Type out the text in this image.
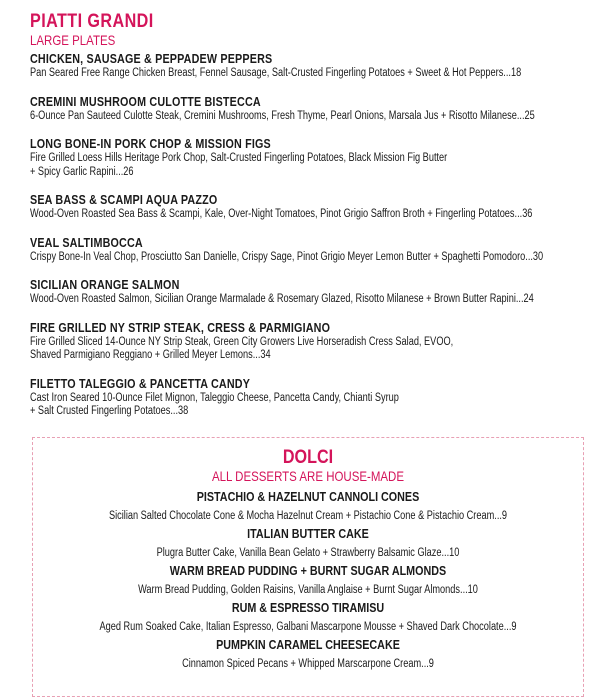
PIATTI GRANDI
LARGE PLATES
CHICKEN, SAUSAGE & PEPPADEW PEPPERS
Pan Seared Free Range Chicken Breast, Fennel Sausage, Salt-Crusted Fingerling Potatoes + Sweet & Hot Peppers...18
CREMINI MUSHROOM CULOTTE BISTECCA
6-Ounce Pan Sauteed Culotte Steak, Cremini Mushrooms, Fresh Thyme, Pearl Onions, Marsala Jus + Risotto Milanese...25
LONG BONE-IN PORK CHOP & MISSION FIGS
Fire Grilled Loess Hills Heritage Pork Chop, Salt-Crusted Fingerling Potatoes, Black Mission Fig Butter
+ Spicy Garlic Rapini...26
SEA BASS & SCAMPI AQUA PAZZO
Wood-Oven Roasted Sea Bass & Scampi, Kale, Over-Night Tomatoes, Pinot Grigio Saffron Broth + Fingerling Potatoes...36
VEAL SALTIMBOCCA
Crispy Bone-In Veal Chop, Prosciutto San Danielle, Crispy Sage, Pinot Grigio Meyer Lemon Butter + Spaghetti Pomodoro...30
SICILIAN ORANGE SALMON
Wood-Oven Roasted Salmon, Sicilian Orange Marmalade & Rosemary Glazed, Risotto Milanese + Brown Butter Rapini...24
FIRE GRILLED NY STRIP STEAK, CRESS & PARMIGIANO
Fire Grilled Sliced 14-Ounce NY Strip Steak, Green City Growers Live Horseradish Cress Salad, EVOO,
Shaved Parmigiano Reggiano + Grilled Meyer Lemons...34
FILETTO TALEGGIO & PANCETTA CANDY
Cast Iron Seared 10-Ounce Filet Mignon, Taleggio Cheese, Pancetta Candy, Chianti Syrup
+ Salt Crusted Fingerling Potatoes...38
DOLCI
ALL DESSERTS ARE HOUSE-MADE
PISTACHIO & HAZELNUT CANNOLI CONES
Sicilian Salted Chocolate Cone & Mocha Hazelnut Cream + Pistachio Cone & Pistachio Cream...9
ITALIAN BUTTER CAKE
Plugra Butter Cake, Vanilla Bean Gelato + Strawberry Balsamic Glaze...10
WARM BREAD PUDDING + BURNT SUGAR ALMONDS
Warm Bread Pudding, Golden Raisins, Vanilla Anglaise + Burnt Sugar Almonds...10
RUM & ESPRESSO TIRAMISU
Aged Rum Soaked Cake, Italian Espresso, Galbani Mascarpone Mousse + Shaved Dark Chocolate...9
PUMPKIN CARAMEL CHEESECAKE
Cinnamon Spiced Pecans + Whipped Marscarpone Cream...9
